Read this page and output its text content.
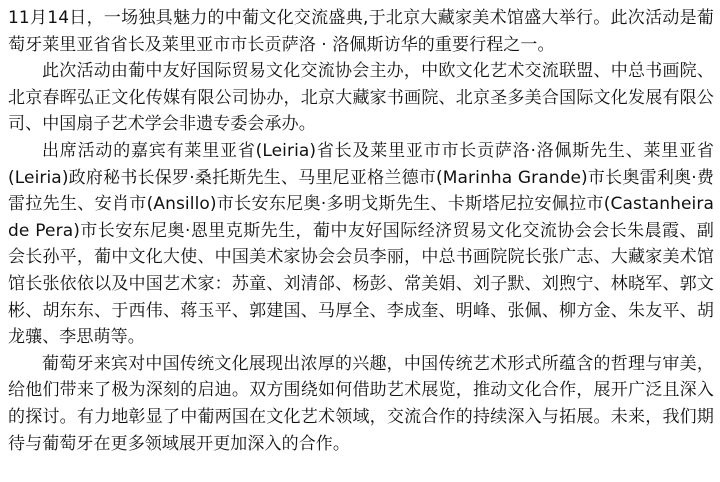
11月14日，一场独具魅力的中葡文化交流盛典,于北京大藏家美术馆盛大举行。此次活动是葡萄牙莱里亚省省长及莱里亚市市长贡萨洛 · 洛佩斯访华的重要行程之一。

此次活动由葡中友好国际贸易文化交流协会主办，中欧文化艺术交流联盟、中总书画院、北京春晖弘正文化传媒有限公司协办，北京大藏家书画院、北京圣多美合国际文化发展有限公司、中国扇子艺术学会非遗专委会承办。

出席活动的嘉宾有莱里亚省(Leiria)省长及莱里亚市市长贡萨洛·洛佩斯先生、莱里亚省(Leiria)政府秘书长保罗·桑托斯先生、马里尼亚格兰德市(Marinha Grande)市长奥雷利奥·费雷拉先生、安肖市(Ansillo)市长安东尼奥·多明戈斯先生、卡斯塔尼拉安佩拉市(Castanheira de Pera)市长安东尼奥·恩里克斯先生，葡中友好国际经济贸易文化交流协会会长朱晨霞、副会长孙平，葡中文化大使、中国美术家协会会员李丽，中总书画院院长张广志、大藏家美术馆馆长张依依以及中国艺术家：苏童、刘清郃、杨彭、常美娟、刘子默、刘煦宁、林晓军、郭文彬、胡东东、于西伟、蒋玉平、郭建国、马厚全、李成奎、明峰、张佩、柳方金、朱友平、胡龙骧、李思萌等。

葡萄牙来宾对中国传统文化展现出浓厚的兴趣，中国传统艺术形式所蕴含的哲理与审美，给他们带来了极为深刻的启迪。双方围绕如何借助艺术展览，推动文化合作，展开广泛且深入的探讨。有力地彰显了中葡两国在文化艺术领域，交流合作的持续深入与拓展。未来，我们期待与葡萄牙在更多领域展开更加深入的合作。
